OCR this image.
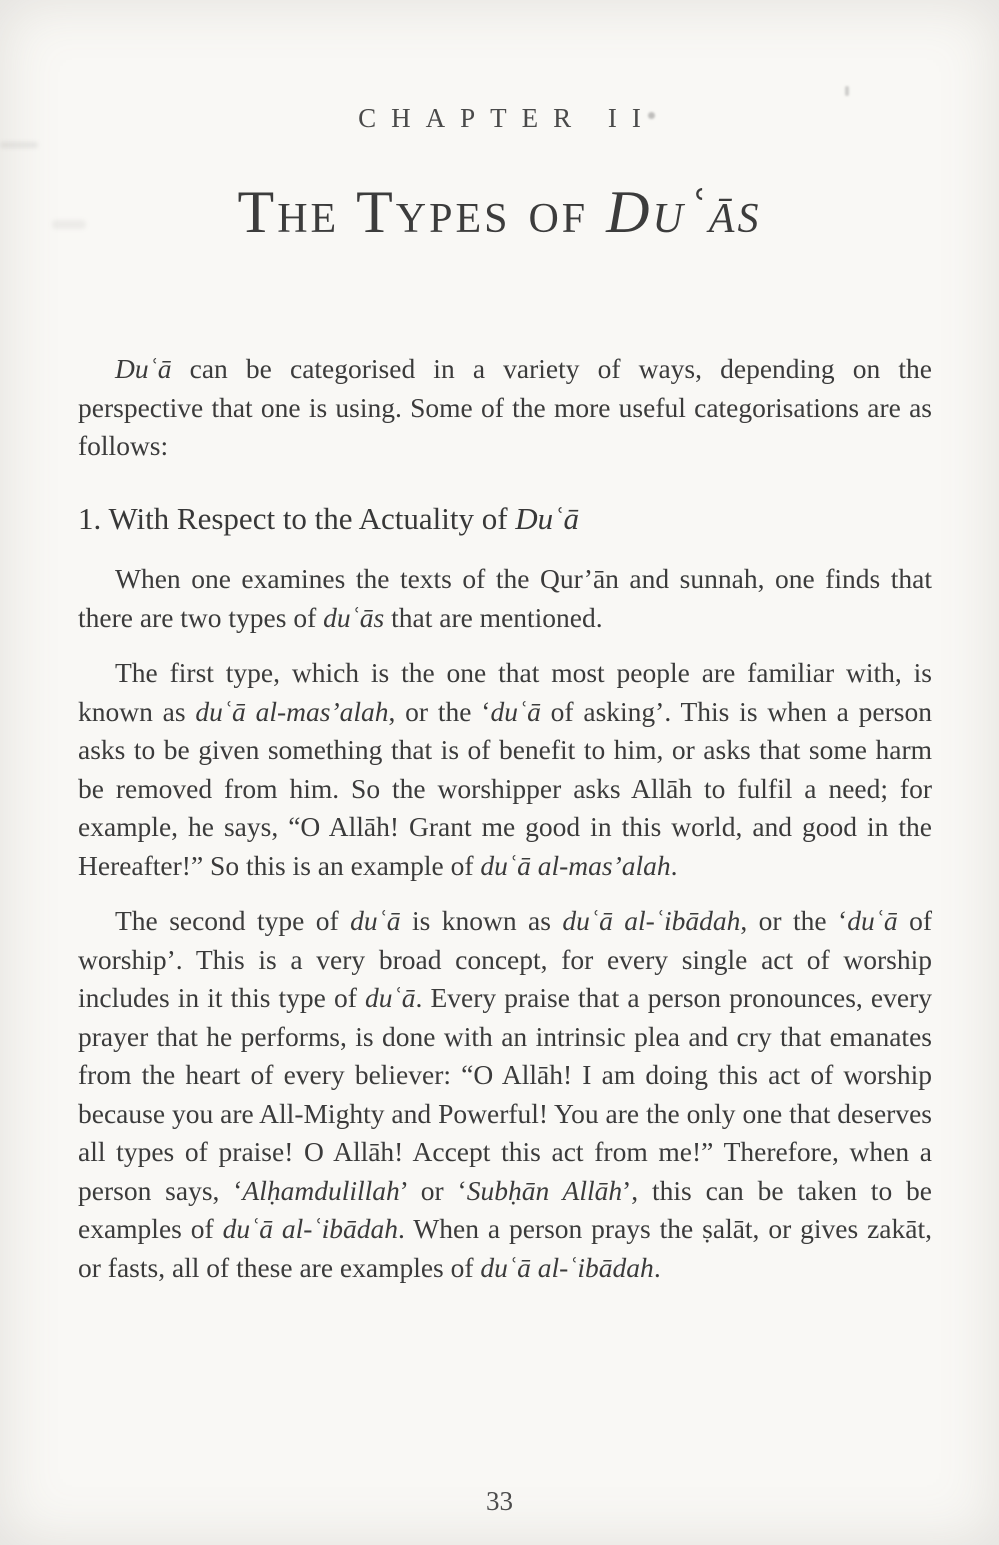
CHAPTER II
The Types of Duʿās

Duʿā can be categorised in a variety of ways, depending on the perspective that one is using. Some of the more useful categorisations are as follows:

1. With Respect to the Actuality of Duʿā

When one examines the texts of the Qur’ān and sunnah, one finds that there are two types of duʿās that are mentioned.

The first type, which is the one that most people are familiar with, is known as duʿā al-mas’alah, or the ‘duʿā of asking’. This is when a person asks to be given something that is of benefit to him, or asks that some harm be removed from him. So the worshipper asks Allāh to fulfil a need; for example, he says, “O Allāh! Grant me good in this world, and good in the Hereafter!” So this is an example of duʿā al-mas’alah.

The second type of duʿā is known as duʿā al-ʿibādah, or the ‘duʿā of worship’. This is a very broad concept, for every single act of worship includes in it this type of duʿā. Every praise that a person pronounces, every prayer that he performs, is done with an intrinsic plea and cry that emanates from the heart of every believer: “O Allāh! I am doing this act of worship because you are All-Mighty and Powerful! You are the only one that deserves all types of praise! O Allāh! Accept this act from me!” Therefore, when a person says, ‘Alḥamdulillah’ or ‘Subḥān Allāh’, this can be taken to be examples of duʿā al-ʿibādah. When a person prays the ṣalāt, or gives zakāt, or fasts, all of these are examples of duʿā al-ʿibādah.

33
